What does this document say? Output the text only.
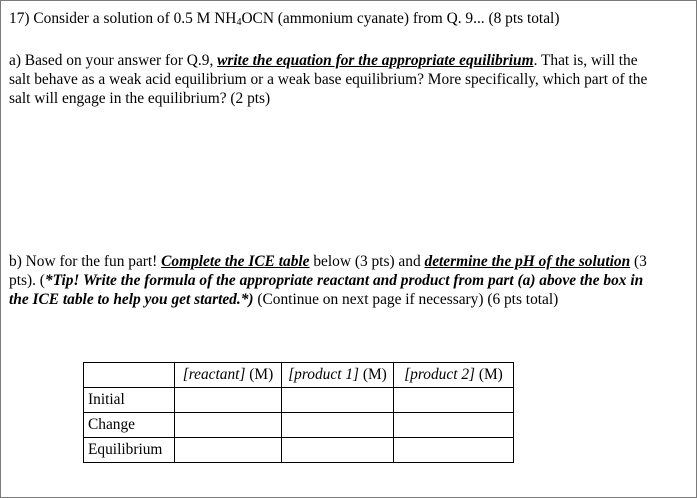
17) Consider a solution of 0.5 M $NH_4OCN$ (ammonium cyanate) from Q. 9... (8 pts total)
a) Based on your answer for Q.9, write the equation for the appropriate equilibrium. That is, will the
salt behave as a weak acid equilibrium or a weak base equilibrium? More specifically, which part of the
salt will engage in the equilibrium? (2 pts)
b) Now for the fun part! Complete the ICE table below (3 pts) and determine the pH of the solution (3
pts). (*Tip! Write the formula of the appropriate reactant and product from part (a) above the box in
the ICE table to help you get started.*) (Continue on next page if necessary) (6 pts total)
	[reactant] (M)	[product 1] (M)	[product 2] (M)
Initial			
Change			
Equilibrium			
